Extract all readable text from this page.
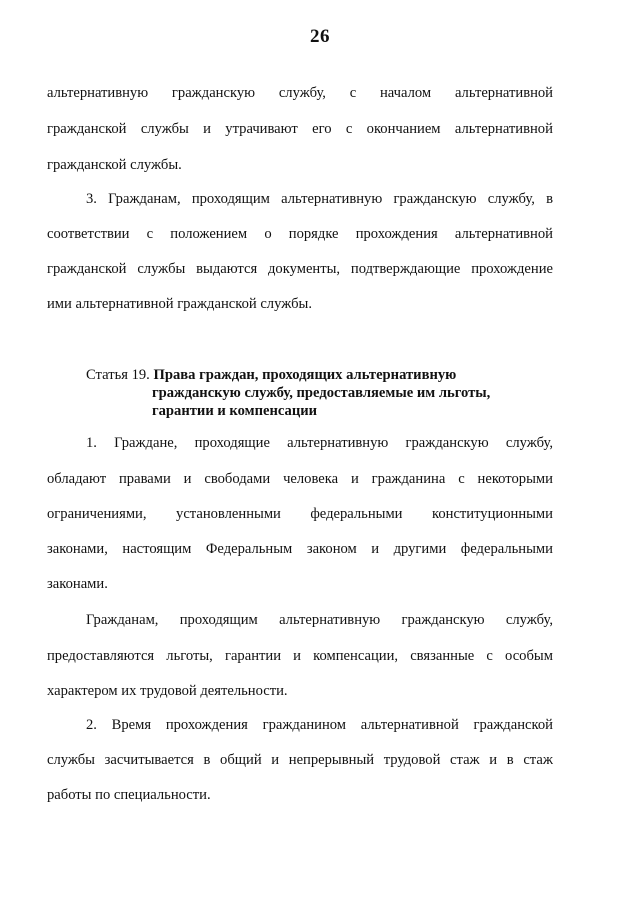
26
альтернативную гражданскую службу, с началом альтернативной
гражданской службы и утрачивают его с окончанием альтернативной
гражданской службы.
3. Гражданам, проходящим альтернативную гражданскую службу, в
соответствии с положением о порядке прохождения альтернативной
гражданской службы выдаются документы, подтверждающие прохождение
ими альтернативной гражданской службы.
Статья 19. Права граждан, проходящих альтернативную
гражданскую службу, предоставляемые им льготы,
гарантии и компенсации
1. Граждане, проходящие альтернативную гражданскую службу,
обладают правами и свободами человека и гражданина с некоторыми
ограничениями, установленными федеральными конституционными
законами, настоящим Федеральным законом и другими федеральными
законами.
Гражданам, проходящим альтернативную гражданскую службу,
предоставляются льготы, гарантии и компенсации, связанные с особым
характером их трудовой деятельности.
2. Время прохождения гражданином альтернативной гражданской
службы засчитывается в общий и непрерывный трудовой стаж и в стаж
работы по специальности.
